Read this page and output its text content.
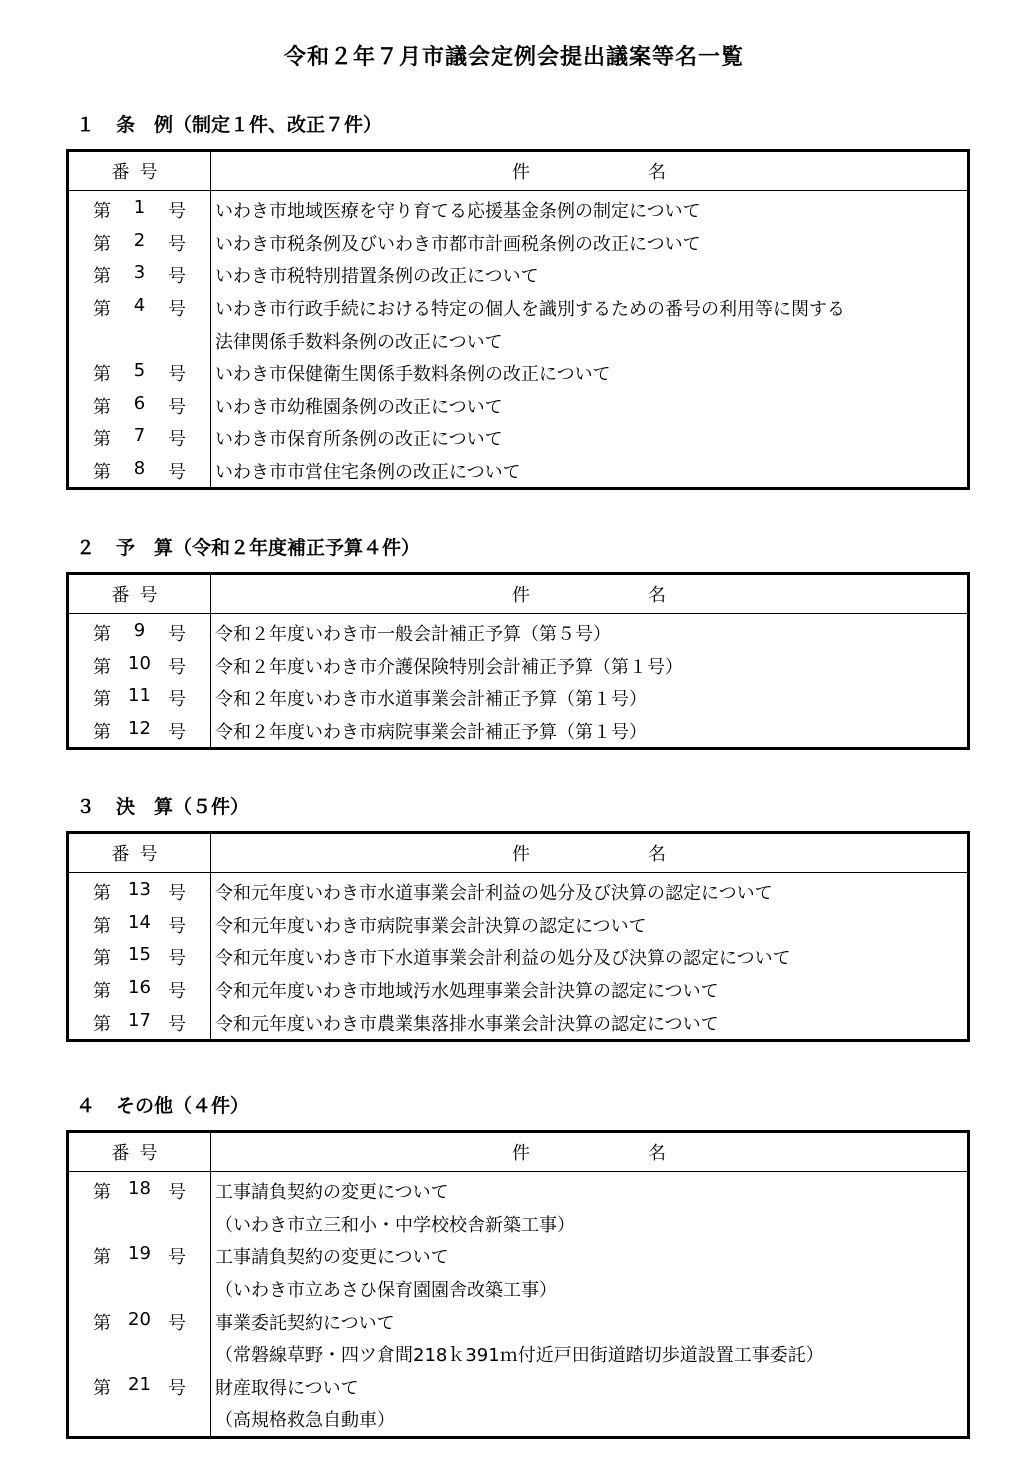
令和２年７月市議会定例会提出議案等名一覧
１ 条　例（制定１件、改正７件）
番号	件名

第 1 号	いわき市地域医療を守り育てる応援基金条例の制定について

第 2 号	いわき市税条例及びいわき市都市計画税条例の改正について

第 3 号	いわき市税特別措置条例の改正について

第 4 号	いわき市行政手続における特定の個人を識別するための番号の利用等に関する

	法律関係手数料条例の改正について

第 5 号	いわき市保健衛生関係手数料条例の改正について

第 6 号	いわき市幼稚園条例の改正について

第 7 号	いわき市保育所条例の改正について

第 8 号	いわき市市営住宅条例の改正について
２ 予　算（令和２年度補正予算４件）
番号	件名

第 9 号	令和２年度いわき市一般会計補正予算（第５号）

第 10 号	令和２年度いわき市介護保険特別会計補正予算（第１号）

第 11 号	令和２年度いわき市水道事業会計補正予算（第１号）

第 12 号	令和２年度いわき市病院事業会計補正予算（第１号）
３ 決　算（５件）
番号	件名

第 13 号	令和元年度いわき市水道事業会計利益の処分及び決算の認定について

第 14 号	令和元年度いわき市病院事業会計決算の認定について

第 15 号	令和元年度いわき市下水道事業会計利益の処分及び決算の認定について

第 16 号	令和元年度いわき市地域汚水処理事業会計決算の認定について

第 17 号	令和元年度いわき市農業集落排水事業会計決算の認定について
４ その他（４件）
番号	件名

第 18 号	工事請負契約の変更について

	（いわき市立三和小・中学校校舎新築工事）

第 19 号	工事請負契約の変更について

	（いわき市立あさひ保育園園舎改築工事）

第 20 号	事業委託契約について

	（常磐線草野・四ツ倉間218ｋ391ｍ付近戸田街道踏切歩道設置工事委託）

第 21 号	財産取得について

	（高規格救急自動車）
